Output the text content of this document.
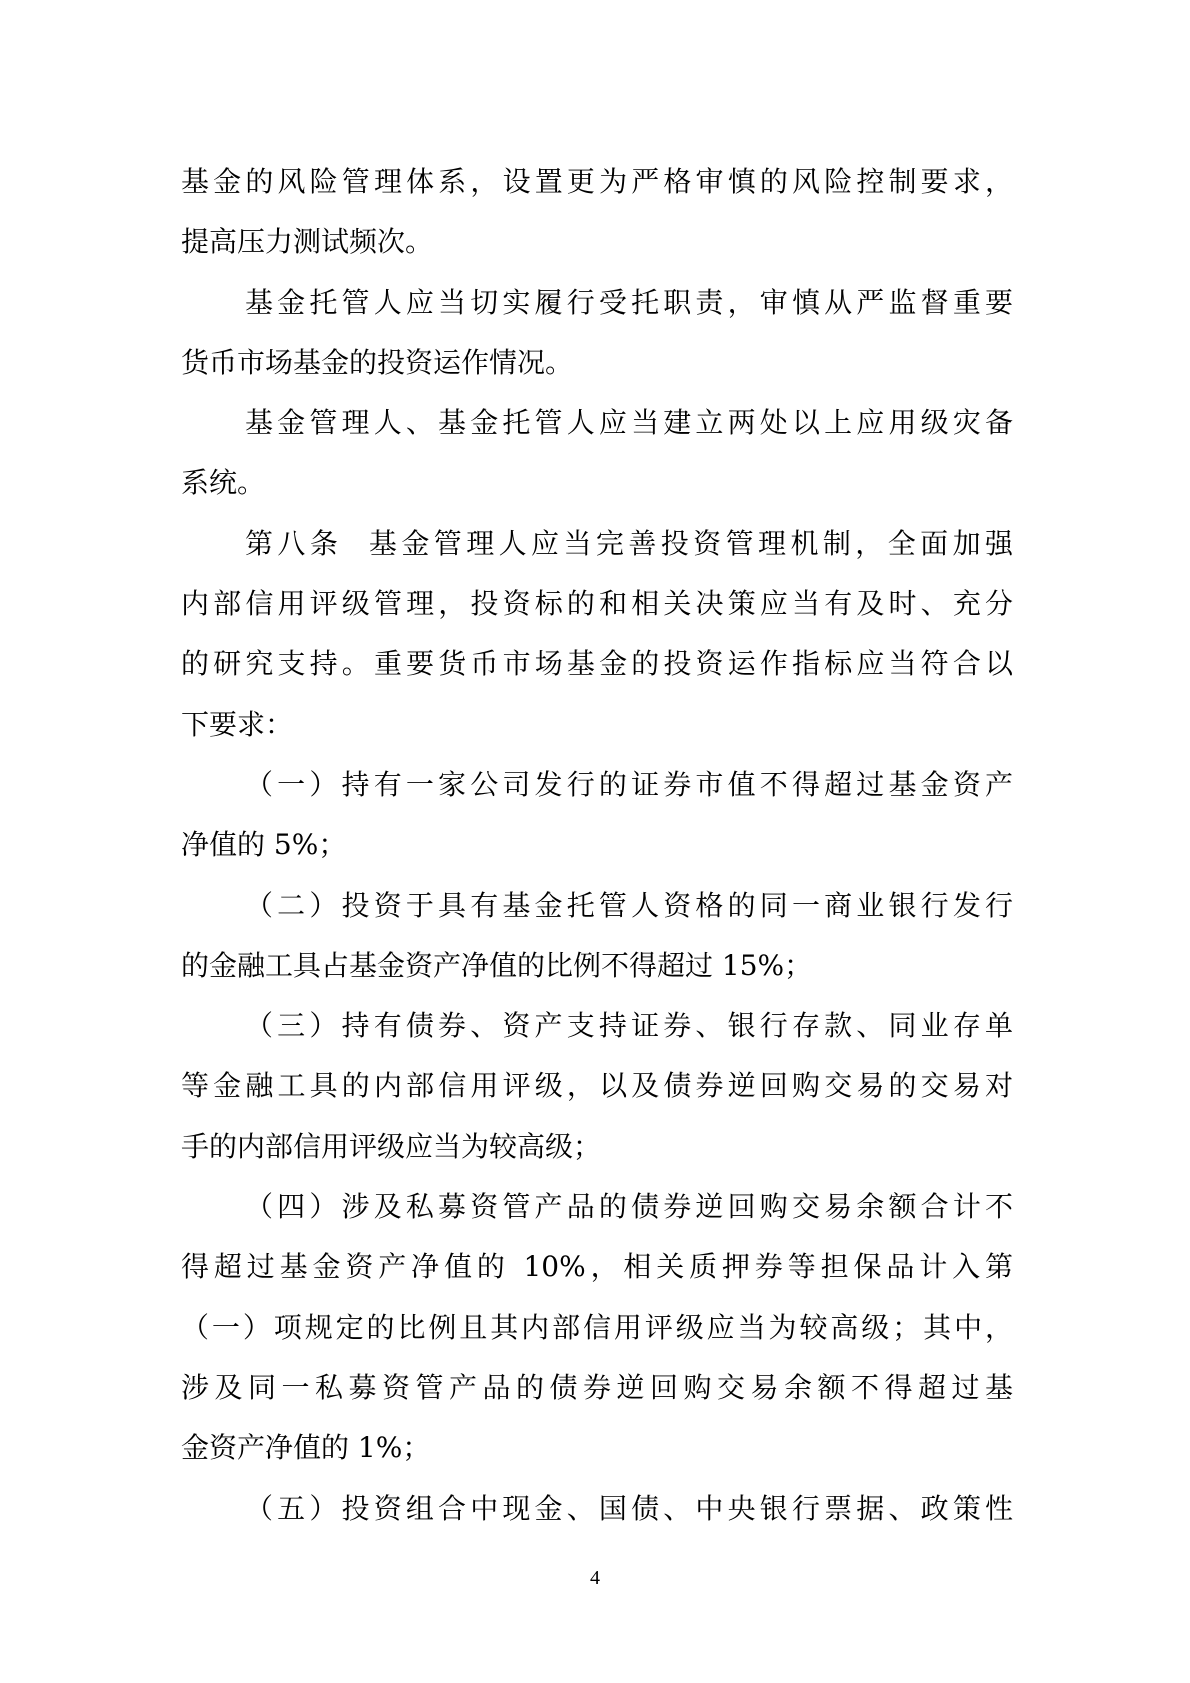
基金的风险管理体系，设置更为严格审慎的风险控制要求，
提高压力测试频次。
基金托管人应当切实履行受托职责，审慎从严监督重要
货币市场基金的投资运作情况。
基金管理人、基金托管人应当建立两处以上应用级灾备
系统。
第八条  基金管理人应当完善投资管理机制，全面加强
内部信用评级管理，投资标的和相关决策应当有及时、充分
的研究支持。重要货币市场基金的投资运作指标应当符合以
下要求：
（一）持有一家公司发行的证券市值不得超过基金资产
净值的 5%；
（二）投资于具有基金托管人资格的同一商业银行发行
的金融工具占基金资产净值的比例不得超过 15%；
（三）持有债券、资产支持证券、银行存款、同业存单
等金融工具的内部信用评级，以及债券逆回购交易的交易对
手的内部信用评级应当为较高级；
（四）涉及私募资管产品的债券逆回购交易余额合计不
得超过基金资产净值的 10%，相关质押券等担保品计入第
（一）项规定的比例且其内部信用评级应当为较高级；其中，
涉及同一私募资管产品的债券逆回购交易余额不得超过基
金资产净值的 1%；
（五）投资组合中现金、国债、中央银行票据、政策性
4
